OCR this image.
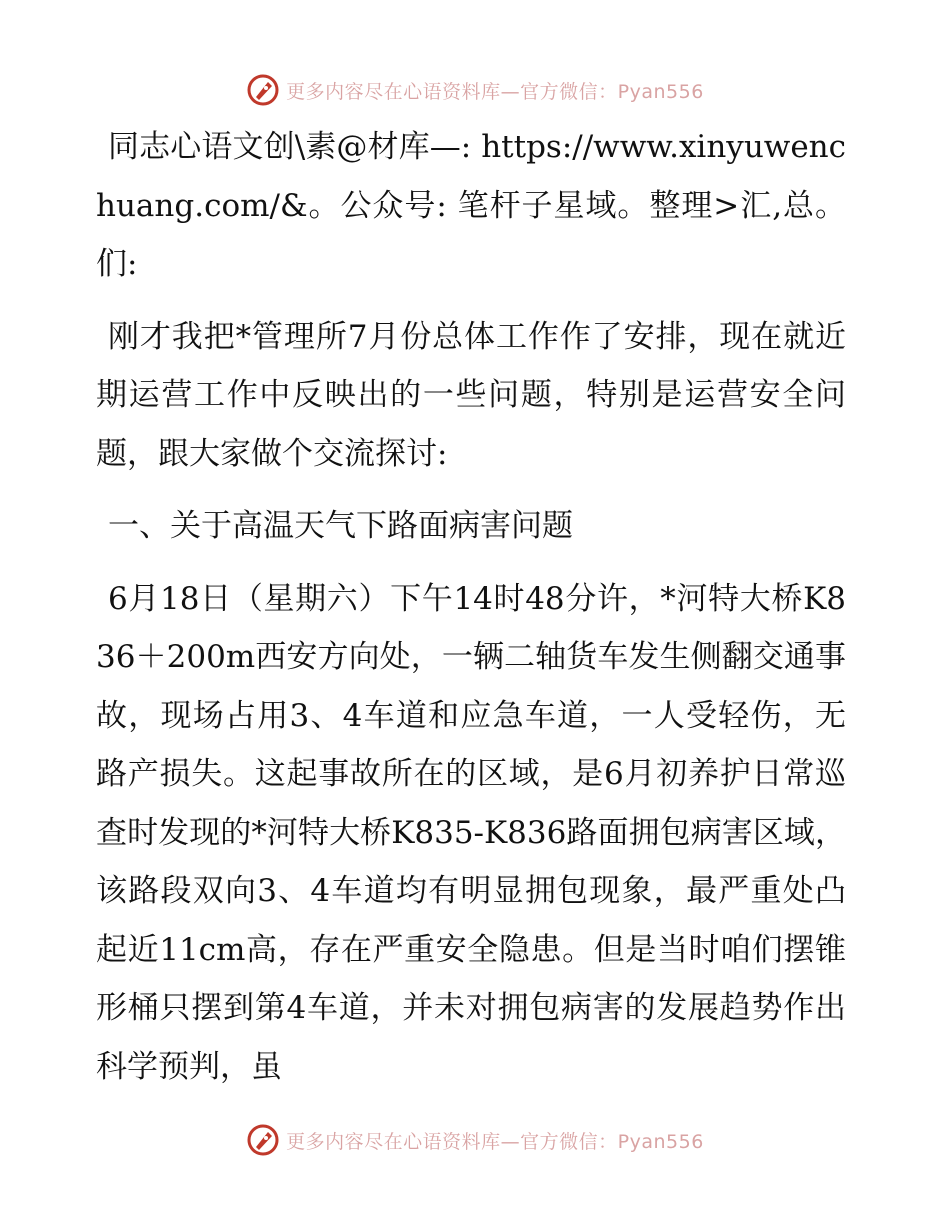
更多内容尽在心语资料库—官方微信：Pyan556

同志心语文创\素@材库—: https://www.xinyuwenchuang.com/&。公众号: 笔杆子星域。整理>汇,总。们:

刚才我把*管理所7月份总体工作作了安排，现在就近期运营工作中反映出的一些问题，特别是运营安全问题，跟大家做个交流探讨:

一、关于高温天气下路面病害问题

6月18日（星期六）下午14时48分许，*河特大桥K836＋200m西安方向处，一辆二轴货车发生侧翻交通事故，现场占用3、4车道和应急车道，一人受轻伤，无路产损失。这起事故所在的区域，是6月初养护日常巡查时发现的*河特大桥K835-K836路面拥包病害区域，该路段双向3、4车道均有明显拥包现象，最严重处凸起近11cm高，存在严重安全隐患。但是当时咱们摆锥形桶只摆到第4车道，并未对拥包病害的发展趋势作出科学预判，虽

更多内容尽在心语资料库—官方微信：Pyan556
